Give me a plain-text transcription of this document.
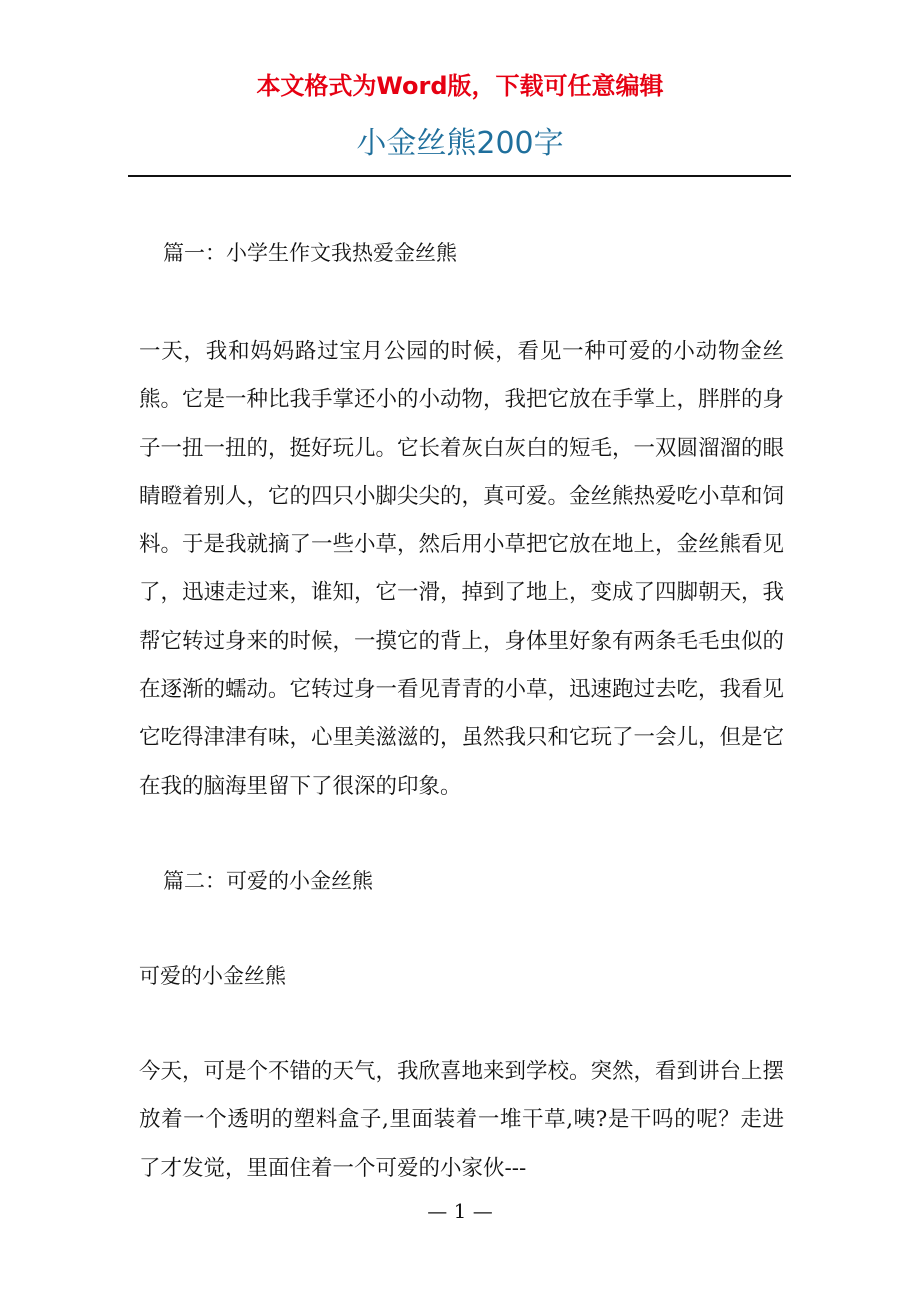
本文格式为Word版，下载可任意编辑

小金丝熊200字

篇一：小学生作文我热爱金丝熊

一天，我和妈妈路过宝月公园的时候，看见一种可爱的小动物金丝熊。它是一种比我手掌还小的小动物，我把它放在手掌上，胖胖的身子一扭一扭的，挺好玩儿。它长着灰白灰白的短毛，一双圆溜溜的眼睛瞪着别人，它的四只小脚尖尖的，真可爱。金丝熊热爱吃小草和饲料。于是我就摘了一些小草，然后用小草把它放在地上，金丝熊看见了，迅速走过来，谁知，它一滑，掉到了地上，变成了四脚朝天，我帮它转过身来的时候，一摸它的背上，身体里好象有两条毛毛虫似的在逐渐的蠕动。它转过身一看见青青的小草，迅速跑过去吃，我看见它吃得津津有味，心里美滋滋的，虽然我只和它玩了一会儿，但是它在我的脑海里留下了很深的印象。

篇二：可爱的小金丝熊

可爱的小金丝熊

今天，可是个不错的天气，我欣喜地来到学校。突然，看到讲台上摆放着一个透明的塑料盒子,里面装着一堆干草,咦?是干吗的呢？走进了才发觉，里面住着一个可爱的小家伙---

— 1 —
